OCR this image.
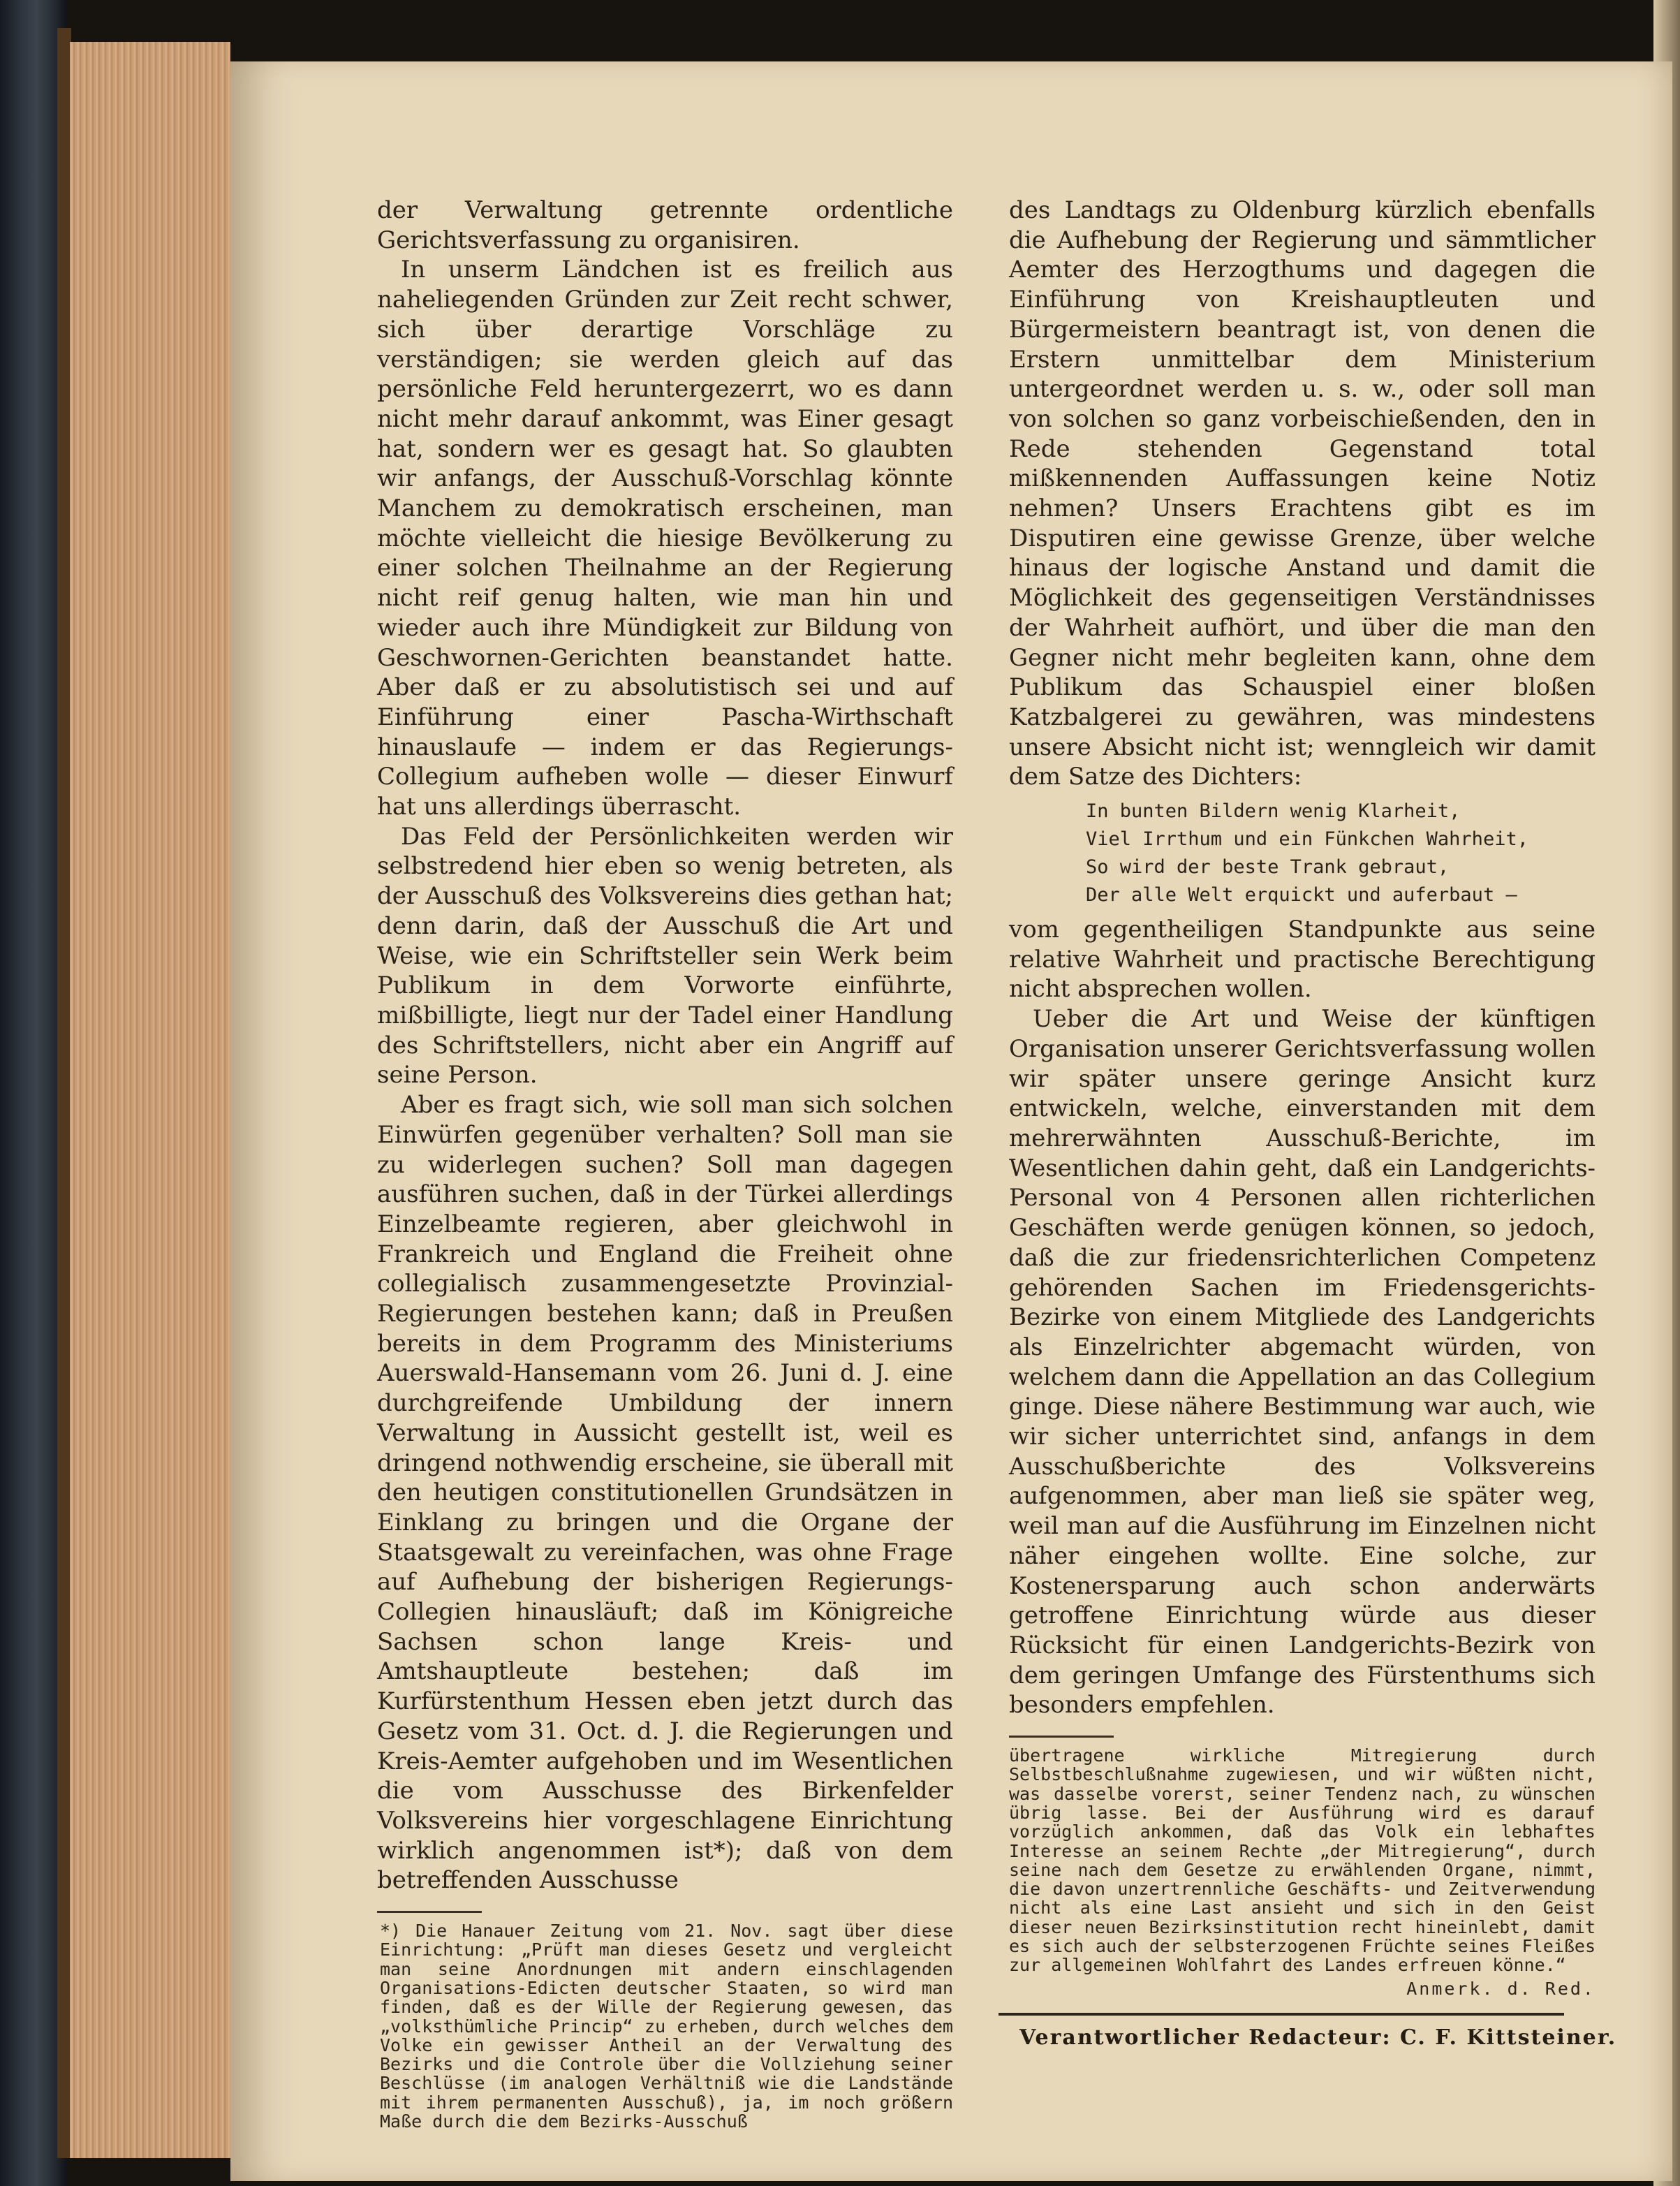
der Verwaltung getrennte ordentliche Gerichtsverfassung zu organisiren.

In unserm Ländchen ist es freilich aus naheliegenden Gründen zur Zeit recht schwer, sich über derartige Vorschläge zu verständigen; sie werden gleich auf das persönliche Feld heruntergezerrt, wo es dann nicht mehr darauf ankommt, was Einer gesagt hat, sondern wer es gesagt hat. So glaubten wir anfangs, der Ausschuß-Vorschlag könnte Manchem zu demokratisch erscheinen, man möchte vielleicht die hiesige Bevölkerung zu einer solchen Theilnahme an der Regierung nicht reif genug halten, wie man hin und wieder auch ihre Mündigkeit zur Bildung von Geschwornen-Gerichten beanstandet hatte. Aber daß er zu absolutistisch sei und auf Einführung einer Pascha-Wirthschaft hinauslaufe — indem er das Regierungs-Collegium aufheben wolle — dieser Einwurf hat uns allerdings überrascht.

Das Feld der Persönlichkeiten werden wir selbstredend hier eben so wenig betreten, als der Ausschuß des Volksvereins dies gethan hat; denn darin, daß der Ausschuß die Art und Weise, wie ein Schriftsteller sein Werk beim Publikum in dem Vorworte einführte, mißbilligte, liegt nur der Tadel einer Handlung des Schriftstellers, nicht aber ein Angriff auf seine Person.

Aber es fragt sich, wie soll man sich solchen Einwürfen gegenüber verhalten? Soll man sie zu widerlegen suchen? Soll man dagegen ausführen suchen, daß in der Türkei allerdings Einzelbeamte regieren, aber gleichwohl in Frankreich und England die Freiheit ohne collegialisch zusammengesetzte Provinzial-Regierungen bestehen kann; daß in Preußen bereits in dem Programm des Ministeriums Auerswald-Hansemann vom 26. Juni d. J. eine durchgreifende Umbildung der innern Verwaltung in Aussicht gestellt ist, weil es dringend nothwendig erscheine, sie überall mit den heutigen constitutionellen Grundsätzen in Einklang zu bringen und die Organe der Staatsgewalt zu vereinfachen, was ohne Frage auf Aufhebung der bisherigen Regierungs-Collegien hinausläuft; daß im Königreiche Sachsen schon lange Kreis- und Amtshauptleute bestehen; daß im Kurfürstenthum Hessen eben jetzt durch das Gesetz vom 31. Oct. d. J. die Regierungen und Kreis-Aemter aufgehoben und im Wesentlichen die vom Ausschusse des Birkenfelder Volksvereins hier vorgeschlagene Einrichtung wirklich angenommen ist*); daß von dem betreffenden Ausschusse

*) Die Hanauer Zeitung vom 21. Nov. sagt über diese Einrichtung: „Prüft man dieses Gesetz und vergleicht man seine Anordnungen mit andern einschlagenden Organisations-Edicten deutscher Staaten, so wird man finden, daß es der Wille der Regierung gewesen, das „volksthümliche Princip“ zu erheben, durch welches dem Volke ein gewisser Antheil an der Verwaltung des Bezirks und die Controle über die Vollziehung seiner Beschlüsse (im analogen Verhältniß wie die Landstände mit ihrem permanenten Ausschuß), ja, im noch größern Maße durch die dem Bezirks-Ausschuß

des Landtags zu Oldenburg kürzlich ebenfalls die Aufhebung der Regierung und sämmtlicher Aemter des Herzogthums und dagegen die Einführung von Kreishauptleuten und Bürgermeistern beantragt ist, von denen die Erstern unmittelbar dem Ministerium untergeordnet werden u. s. w., oder soll man von solchen so ganz vorbeischießenden, den in Rede stehenden Gegenstand total mißkennenden Auffassungen keine Notiz nehmen? Unsers Erachtens gibt es im Disputiren eine gewisse Grenze, über welche hinaus der logische Anstand und damit die Möglichkeit des gegenseitigen Verständnisses der Wahrheit aufhört, und über die man den Gegner nicht mehr begleiten kann, ohne dem Publikum das Schauspiel einer bloßen Katzbalgerei zu gewähren, was mindestens unsere Absicht nicht ist; wenngleich wir damit dem Satze des Dichters:

In bunten Bildern wenig Klarheit,
Viel Irrthum und ein Fünkchen Wahrheit,
So wird der beste Trank gebraut,
Der alle Welt erquickt und auferbaut —

vom gegentheiligen Standpunkte aus seine relative Wahrheit und practische Berechtigung nicht absprechen wollen.

Ueber die Art und Weise der künftigen Organisation unserer Gerichtsverfassung wollen wir später unsere geringe Ansicht kurz entwickeln, welche, einverstanden mit dem mehrerwähnten Ausschuß-Berichte, im Wesentlichen dahin geht, daß ein Landgerichts-Personal von 4 Personen allen richterlichen Geschäften werde genügen können, so jedoch, daß die zur friedensrichterlichen Competenz gehörenden Sachen im Friedensgerichts-Bezirke von einem Mitgliede des Landgerichts als Einzelrichter abgemacht würden, von welchem dann die Appellation an das Collegium ginge. Diese nähere Bestimmung war auch, wie wir sicher unterrichtet sind, anfangs in dem Ausschußberichte des Volksvereins aufgenommen, aber man ließ sie später weg, weil man auf die Ausführung im Einzelnen nicht näher eingehen wollte. Eine solche, zur Kostenersparung auch schon anderwärts getroffene Einrichtung würde aus dieser Rücksicht für einen Landgerichts-Bezirk von dem geringen Umfange des Fürstenthums sich besonders empfehlen.

übertragene wirkliche Mitregierung durch Selbstbeschlußnahme zugewiesen, und wir wüßten nicht, was dasselbe vorerst, seiner Tendenz nach, zu wünschen übrig lasse. Bei der Ausführung wird es darauf vorzüglich ankommen, daß das Volk ein lebhaftes Interesse an seinem Rechte „der Mitregierung“, durch seine nach dem Gesetze zu erwählenden Organe, nimmt, die davon unzertrennliche Geschäfts- und Zeitverwendung nicht als eine Last ansieht und sich in den Geist dieser neuen Bezirksinstitution recht hineinlebt, damit es sich auch der selbsterzogenen Früchte seines Fleißes zur allgemeinen Wohlfahrt des Landes erfreuen könne.“
Anmerk. d. Red.
Verantwortlicher Redacteur: C. F. Kittsteiner.
